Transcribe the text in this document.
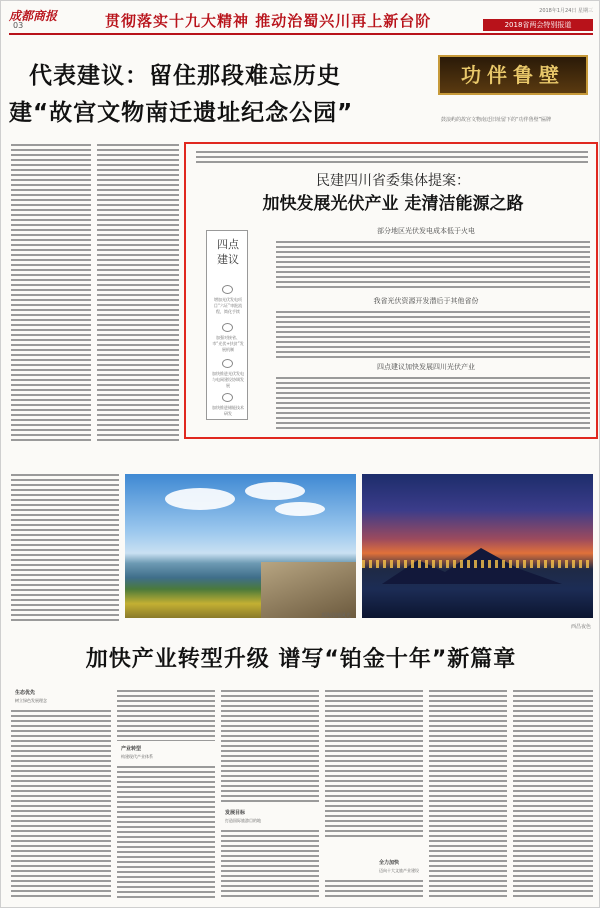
成都商报
03	贯彻落实十九大精神 推动治蜀兴川再上新台阶
2018年1月24日 星期三
2018省两会特别报道
代表建议：留住那段难忘历史
建“故宫文物南迁遗址纪念公园”
功伴鲁壁
鼓浪屿的故宫文物南迁旧址留下的“功伴鲁壁”匾牌
民建四川省委集体提案：
加快发展光伏产业 走清洁能源之路
四点建议
增加光伏发电项目“六证”审批流程，简化手续
加强对接省、市“光伏+扶贫”发展机制
加快推进光伏发电与电网建设协调发展
加快推进储能技术研发
部分地区光伏发电成本低于火电
我省光伏资源开发潜后于其他省份
四点建议加快发展四川光伏产业
邛海湿地风光
西昌夜色
加快产业转型升级 谱写“铂金十年”新篇章
生态优先
树立绿色发展理念
产业转型
构建现代产业体系
发展目标
打造国际旅游目的地
全力加快
迈向十大文旅产业建设
